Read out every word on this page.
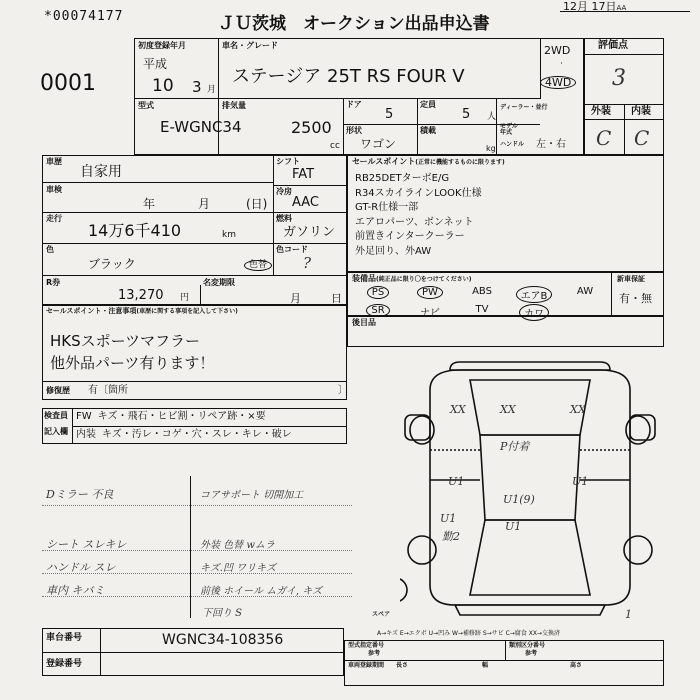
*00074177	ＪＵ茨城　オークション出品申込書
12月 17日AA
0001
初度登録年月
平成
10 3 月
車名・グレード
ステージア 25T RS FOUR V
2WD
·
4WD
評価点
3
外装 内装
C C
型式
E-WGNC34
排気量
2500
cc
ドア
5
定員
5 人
ディーラー・並行
モデル 年式
ハンドル 左・右
形状
ワゴン
積載
kg
車歴
自家用
車検
年	月	(日)
走行
14万6千410	km
色
ブラック	色替
シフト
FAT
冷房
AAC
燃料
ガソリン
色コード
?
R券
13,270 円
名変期限
月	日
セールスポイント(正常に機能するものに限ります)
RB25DETターボE/G
R34スカイラインLOOK仕様
GT-R仕様一部
エアロパーツ、ボンネット
前置きインタークーラー
外足回り、外AW
装備品(純正品に限り〇をつけてください)	新車保証
有・無
PS	PW	ABS	エアB	AW
SR	ナビ	TV	カワ
後目品
セールスポイント・注意事項(車歴に関する事項を記入して下さい)
HKSスポーツマフラー
他外品パーツ有ります！
修復歴 有〔箇所	〕
検査員
記入欄
FW キズ・飛石・ヒビ割・リペア跡・×要
内装 キズ・汚レ・コゲ・穴・スレ・キレ・破レ
Dミラー 不良
シート スレキレ
ハンドル スレ
車内 キバミ
コアサポート 切開加工
外装 色替 wムラ
キズ.凹 ワリキズ
前後 ホイール ムガイ, キズ
下回り S
XX	XX	XX
P付着
U1	U1
U1(9)
U1
U1
勤2
1
スペア
A→キズ E→エクボ U→凹み W→補修跡 S→サビ C→腐食 XX→交換済
車台番号	WGNC34-108356
登録番号
型式指定番号
参考
類別区分番号
参考
車両登録期間 長さ	幅	高さ
